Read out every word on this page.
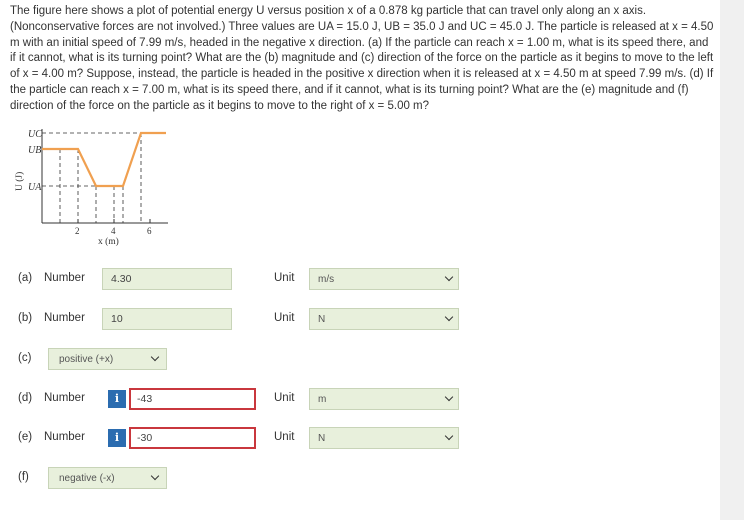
The figure here shows a plot of potential energy U versus position x of a 0.878 kg particle that can travel only along an x axis. (Nonconservative forces are not involved.) Three values are UA = 15.0 J, UB = 35.0 J and UC = 45.0 J. The particle is released at x = 4.50 m with an initial speed of 7.99 m/s, headed in the negative x direction. (a) If the particle can reach x = 1.00 m, what is its speed there, and if it cannot, what is its turning point? What are the (b) magnitude and (c) direction of the force on the particle as it begins to move to the left of x = 4.00 m? Suppose, instead, the particle is headed in the positive x direction when it is released at x = 4.50 m at speed 7.99 m/s. (d) If the particle can reach x = 7.00 m, what is its speed there, and if it cannot, what is its turning point? What are the (e) magnitude and (f) direction of the force on the particle as it begins to move to the right of x = 5.00 m?
2	4	6
x (m)
U (J)
UC
UB
UA
(a) Number	4.30	Unit	m/s
(b) Number	10	Unit	N
(c)	positive (+x)
(d) Number	i	-43	Unit	m
(e) Number	i	-30	Unit	N
(f)	negative (-x)
